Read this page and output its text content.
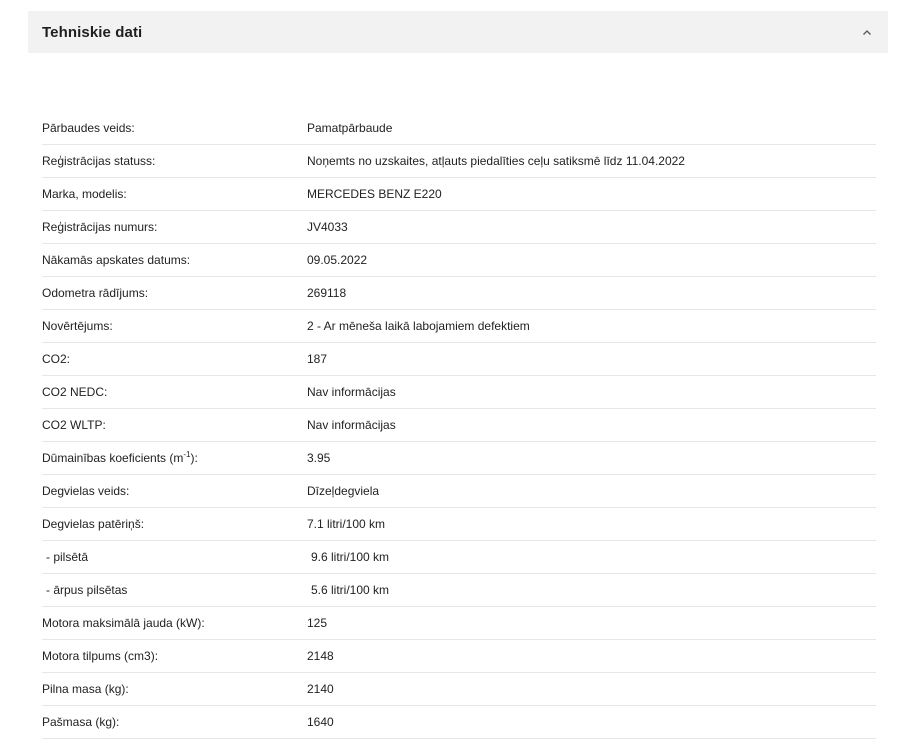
Tehniskie dati
Pārbaudes veids:	Pamatpārbaude
Reģistrācijas statuss:	Noņemts no uzskaites, atļauts piedalīties ceļu satiksmē līdz 11.04.2022
Marka, modelis:	MERCEDES BENZ E220
Reģistrācijas numurs:	JV4033
Nākamās apskates datums:	09.05.2022
Odometra rādījums:	269118
Novērtējums:	2 - Ar mēneša laikā labojamiem defektiem
CO2:	187
CO2 NEDC:	Nav informācijas
CO2 WLTP:	Nav informācijas
Dūmainības koeficients $(m^{-1})$:	3.95
Degvielas veids:	Dīzeļdegviela
Degvielas patēriņš:	7.1 litri/100 km
- pilsētā	9.6 litri/100 km
- ārpus pilsētas	5.6 litri/100 km
Motora maksimālā jauda (kW):	125
Motora tilpums (cm3):	2148
Pilna masa (kg):	2140
Pašmasa (kg):	1640
